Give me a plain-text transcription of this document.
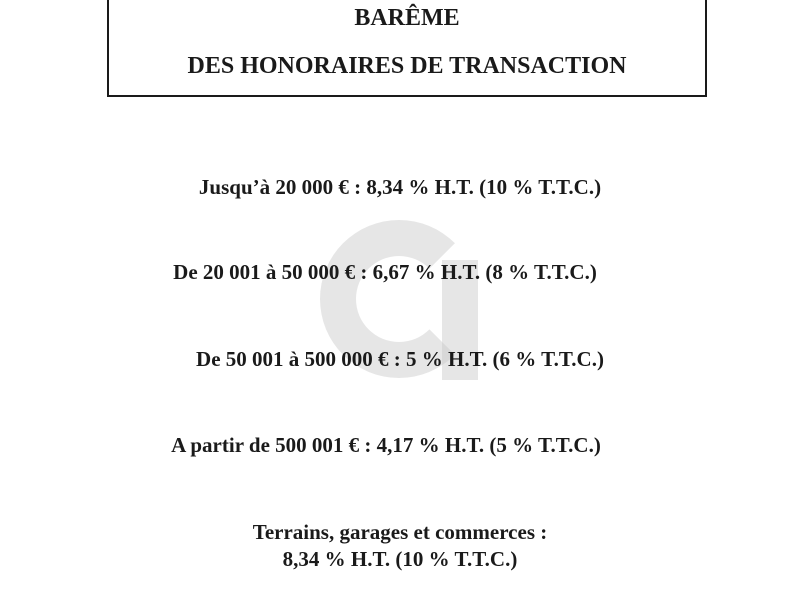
BARÊME
DES HONORAIRES DE TRANSACTION
Jusqu’à 20 000 € : 8,34 % H.T. (10 % T.T.C.)
De 20 001 à 50 000 € : 6,67 % H.T. (8 % T.T.C.)
De 50 001 à 500 000 € : 5 % H.T. (6 % T.T.C.)
A partir de 500 001 € : 4,17 % H.T. (5 % T.T.C.)
Terrains, garages et commerces :
8,34 % H.T. (10 % T.T.C.)
